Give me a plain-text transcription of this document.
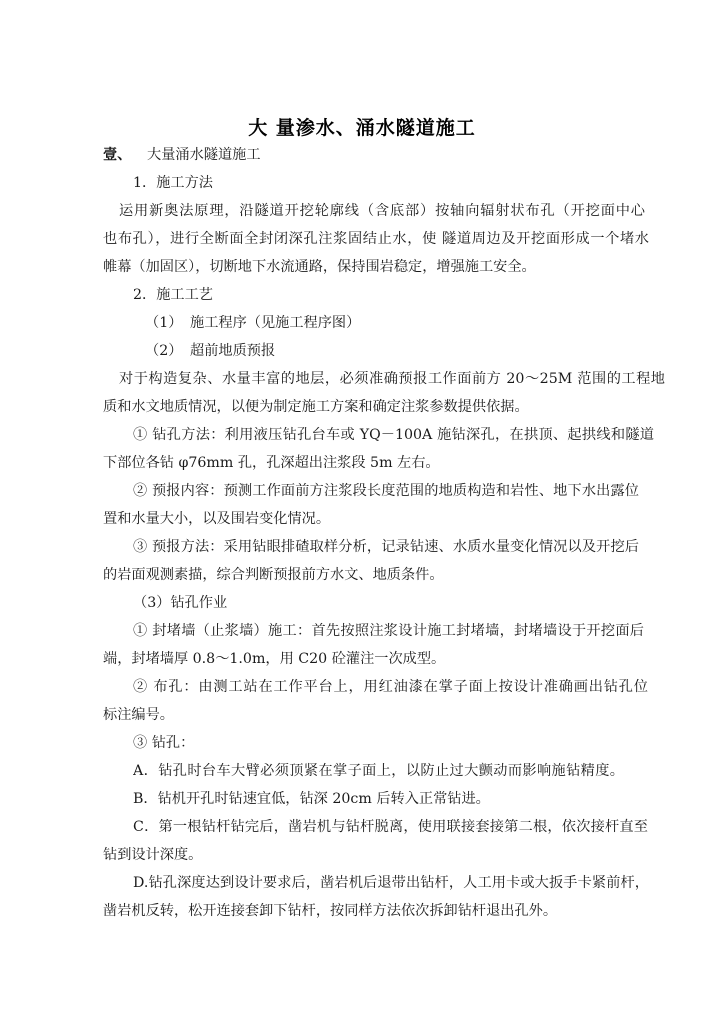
大 量渗水、涌水隧道施工
壹、 大量涌水隧道施工
1．施工方法
运用新奥法原理，沿隧道开挖轮廓线（含底部）按轴向辐射状布孔（开挖面中心
也布孔），进行全断面全封闭深孔注浆固结止水，使 隧道周边及开挖面形成一个堵水
帷幕（加固区），切断地下水流通路，保持围岩稳定，增强施工安全。
2．施工工艺
（1） 施工程序（见施工程序图）
（2） 超前地质预报
对于构造复杂、水量丰富的地层，必须准确预报工作面前方 20～25M 范围的工程地
质和水文地质情况，以便为制定施工方案和确定注浆参数提供依据。
① 钻孔方法：利用液压钻孔台车或 YQ－100A 施钻深孔，在拱顶、起拱线和隧道
下部位各钻 φ76mm 孔，孔深超出注浆段 5m 左右。
② 预报内容：预测工作面前方注浆段长度范围的地质构造和岩性、地下水出露位
置和水量大小，以及围岩变化情况。
③ 预报方法：采用钻眼排碴取样分析，记录钻速、水质水量变化情况以及开挖后
的岩面观测素描，综合判断预报前方水文、地质条件。
（3）钻孔作业
① 封堵墙（止浆墙）施工：首先按照注浆设计施工封堵墙，封堵墙设于开挖面后
端，封堵墙厚 0.8～1.0m，用 C20 砼灌注一次成型。
② 布孔：由测工站在工作平台上，用红油漆在掌子面上按设计准确画出钻孔位
标注编号。
③ 钻孔：
A．钻孔时台车大臂必须顶紧在掌子面上，以防止过大颤动而影响施钻精度。
B．钻机开孔时钻速宜低，钻深 20cm 后转入正常钻进。
C．第一根钻杆钻完后，凿岩机与钻杆脱离，使用联接套接第二根，依次接杆直至
钻到设计深度。
D.钻孔深度达到设计要求后，凿岩机后退带出钻杆，人工用卡或大扳手卡紧前杆，
凿岩机反转，松开连接套卸下钻杆，按同样方法依次拆卸钻杆退出孔外。
